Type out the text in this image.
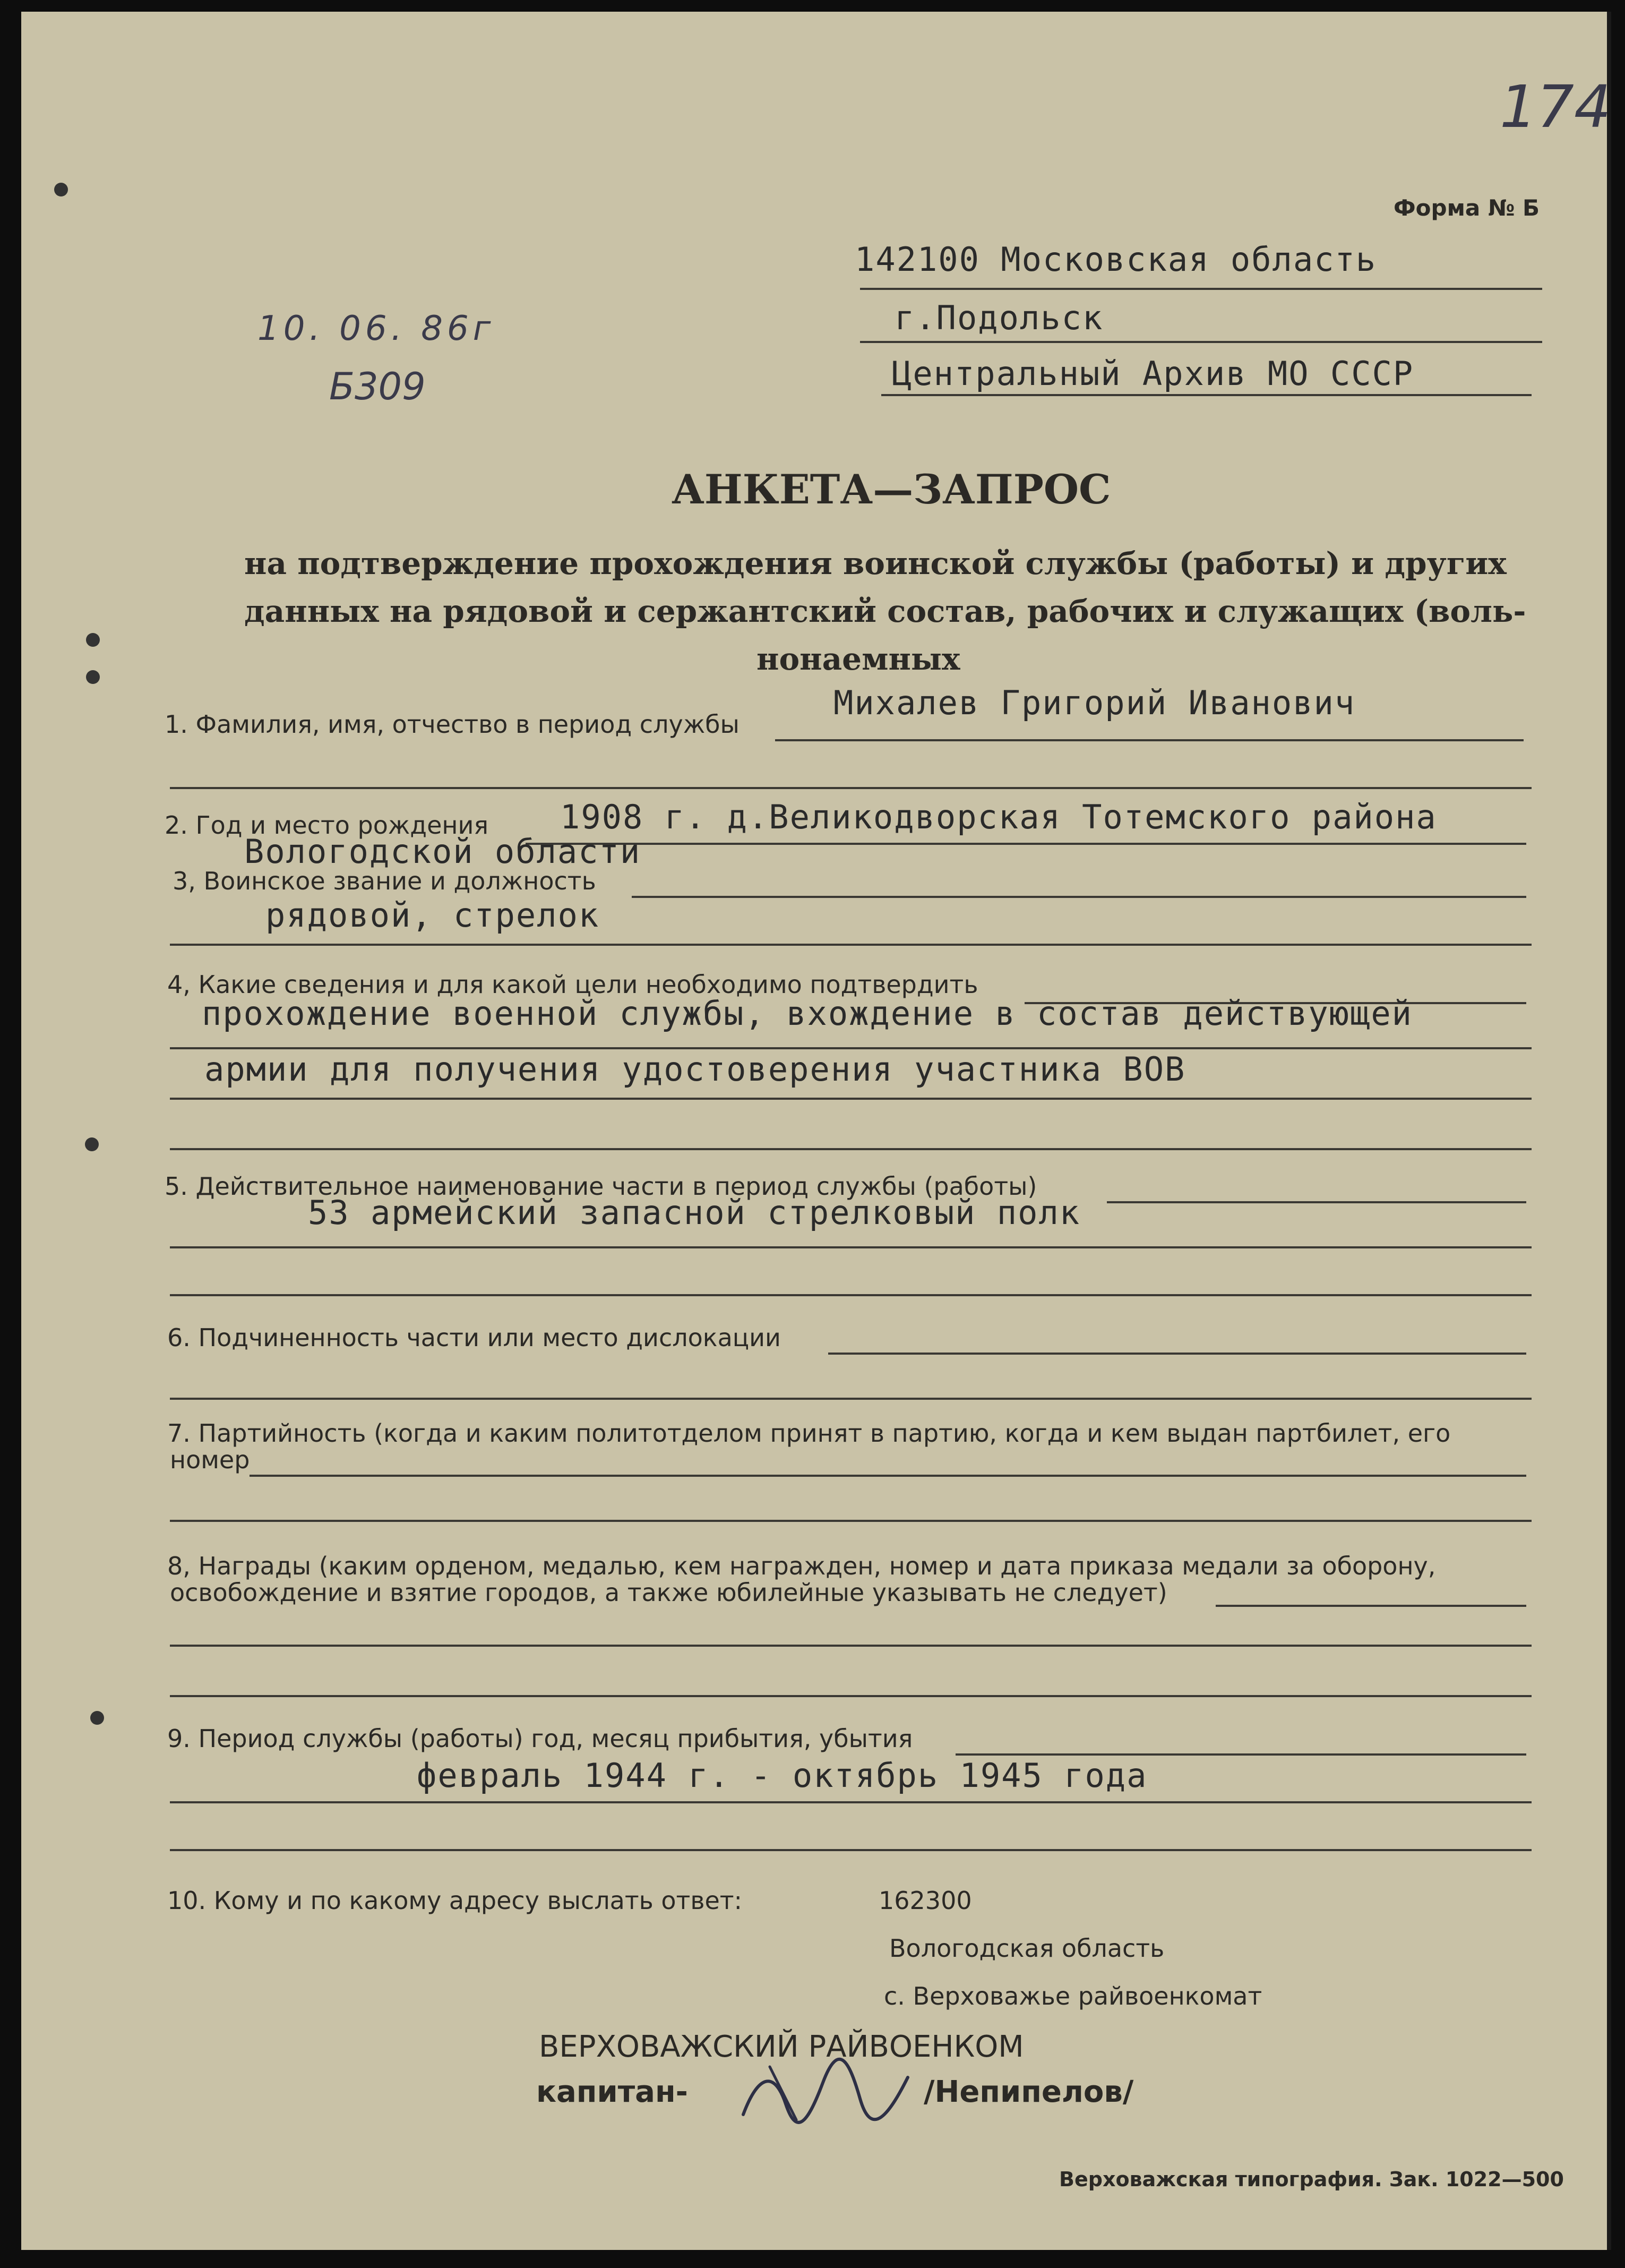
174
Форма № Б
142100 Московская область
г.Подольск
Центральный Архив МО СССР
10. 06. 86г
Б309
АНКЕТА—ЗАПРОС
на подтверждение прохождения воинской службы (работы) и других
данных на рядовой и сержантский состав, рабочих и служащих (воль-
нонаемных
1. Фамилия, имя, отчество в период службы
Михалев Григорий Иванович
2. Год и место рождения 1908 г. д.Великодворская Тотемского района
Вологодской области
3, Воинское звание и должность
рядовой, стрелок
4, Какие сведения и для какой цели необходимо подтвердить
прохождение военной службы, вхождение в состав действующей
армии для получения удостоверения участника ВОВ
5. Действительное наименование части в период службы (работы)
53 армейский запасной стрелковый полк
6. Подчиненность части или место дислокации
7. Партийность (когда и каким политотделом принят в партию, когда и кем выдан партбилет, его
номер
8, Награды (каким орденом, медалью, кем награжден, номер и дата приказа медали за оборону,
освобождение и взятие городов, а также юбилейные указывать не следует)
9. Период службы (работы) год, месяц прибытия, убытия
февраль 1944 г. - октябрь 1945 года
10. Кому и по какому адресу выслать ответ:	162300
Вологодская область
с. Верховажье райвоенкомат
ВЕРХОВАЖСКИЙ РАЙВОЕНКОМ
капитан-	/Непипелов/
Верховажская типография. Зак. 1022—500
